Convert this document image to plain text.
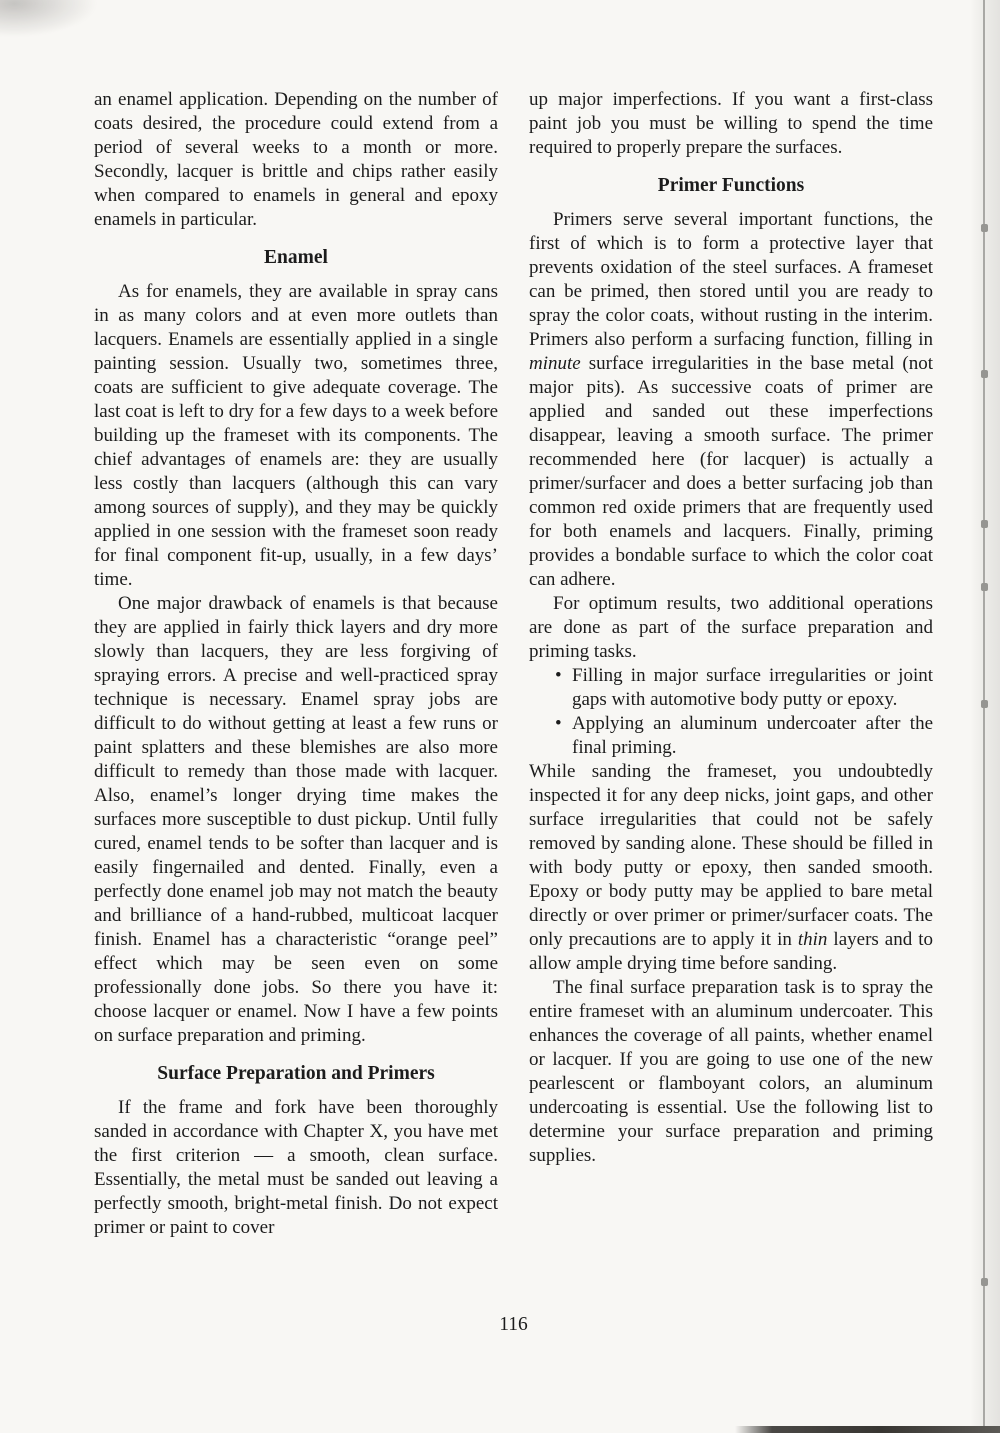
an enamel application. Depending on the number of coats desired, the procedure could extend from a period of several weeks to a month or more. Secondly, lacquer is brittle and chips rather easily when compared to enamels in general and epoxy enamels in particular.

Enamel

As for enamels, they are available in spray cans in as many colors and at even more outlets than lacquers. Enamels are essentially applied in a single painting session. Usually two, sometimes three, coats are sufficient to give adequate coverage. The last coat is left to dry for a few days to a week before building up the frameset with its components. The chief advantages of enamels are: they are usually less costly than lacquers (although this can vary among sources of supply), and they may be quickly applied in one session with the frameset soon ready for final component fit-up, usually, in a few days’ time.

One major drawback of enamels is that because they are applied in fairly thick layers and dry more slowly than lacquers, they are less forgiving of spraying errors. A precise and well-practiced spray technique is necessary. Enamel spray jobs are difficult to do without getting at least a few runs or paint splatters and these blemishes are also more difficult to remedy than those made with lacquer. Also, enamel’s longer drying time makes the surfaces more susceptible to dust pickup. Until fully cured, enamel tends to be softer than lacquer and is easily fingernailed and dented. Finally, even a perfectly done enamel job may not match the beauty and brilliance of a hand-rubbed, multicoat lacquer finish. Enamel has a characteristic “orange peel” effect which may be seen even on some professionally done jobs. So there you have it: choose lacquer or enamel. Now I have a few points on surface preparation and priming.

Surface Preparation and Primers

If the frame and fork have been thoroughly sanded in accordance with Chapter X, you have met the first criterion — a smooth, clean surface. Essentially, the metal must be sanded out leaving a perfectly smooth, bright-metal finish. Do not expect primer or paint to cover

up major imperfections. If you want a first-class paint job you must be willing to spend the time required to properly prepare the surfaces.

Primer Functions

Primers serve several important functions, the first of which is to form a protective layer that prevents oxidation of the steel surfaces. A frameset can be primed, then stored until you are ready to spray the color coats, without rusting in the interim. Primers also perform a surfacing function, filling in minute surface irregularities in the base metal (not major pits). As successive coats of primer are applied and sanded out these imperfections disappear, leaving a smooth surface. The primer recommended here (for lacquer) is actually a primer/surfacer and does a better surfacing job than common red oxide primers that are frequently used for both enamels and lacquers. Finally, priming provides a bondable surface to which the color coat can adhere.

For optimum results, two additional operations are done as part of the surface preparation and priming tasks.

• Filling in major surface irregularities or joint gaps with automotive body putty or epoxy.
• Applying an aluminum undercoater after the final priming.

While sanding the frameset, you undoubtedly inspected it for any deep nicks, joint gaps, and other surface irregularities that could not be safely removed by sanding alone. These should be filled in with body putty or epoxy, then sanded smooth. Epoxy or body putty may be applied to bare metal directly or over primer or primer/surfacer coats. The only precautions are to apply it in thin layers and to allow ample drying time before sanding.

The final surface preparation task is to spray the entire frameset with an aluminum undercoater. This enhances the coverage of all paints, whether enamel or lacquer. If you are going to use one of the new pearlescent or flamboyant colors, an aluminum undercoating is essential. Use the following list to determine your surface preparation and priming supplies.

116
